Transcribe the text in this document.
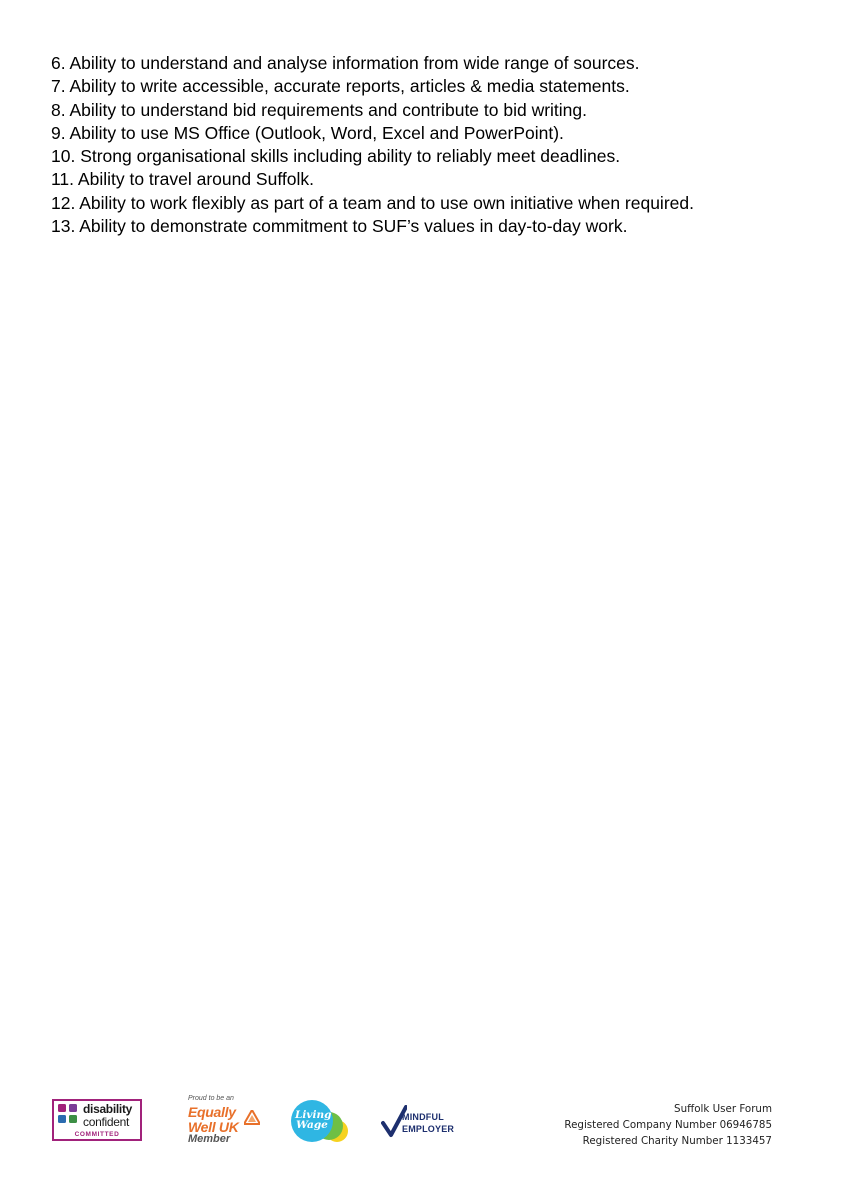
6. Ability to understand and analyse information from wide range of sources.
7. Ability to write accessible, accurate reports, articles & media statements.
8. Ability to understand bid requirements and contribute to bid writing.
9. Ability to use MS Office (Outlook, Word, Excel and PowerPoint).
10. Strong organisational skills including ability to reliably meet deadlines.
11. Ability to travel around Suffolk.
12. Ability to work flexibly as part of a team and to use own initiative when required.
13. Ability to demonstrate commitment to SUF’s values in day-to-day work.
disability
confident
COMMITTED
Proud to be an
Equally
Well UK
Member
Living
Wage
MINDFUL
EMPLOYER
Suffolk User Forum
Registered Company Number 06946785
Registered Charity Number 1133457
